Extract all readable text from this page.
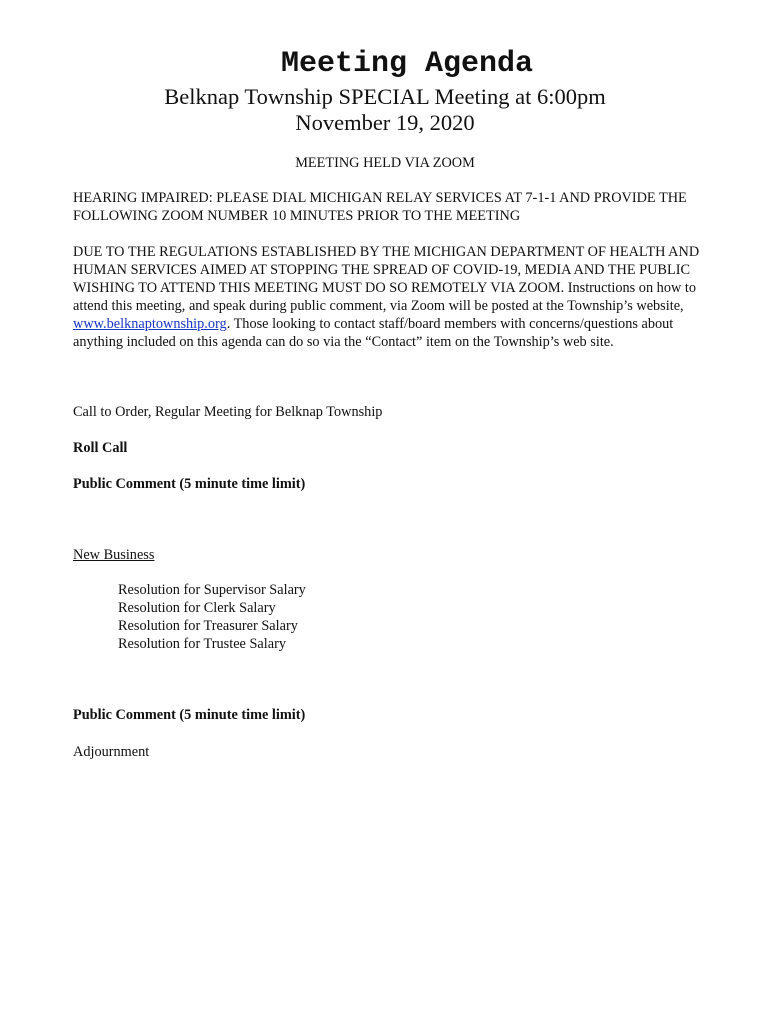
Meeting Agenda
Belknap Township SPECIAL Meeting at 6:00pm
November 19, 2020
MEETING HELD VIA ZOOM
HEARING IMPAIRED: PLEASE DIAL MICHIGAN RELAY SERVICES AT 7-1-1 AND PROVIDE THE FOLLOWING ZOOM NUMBER 10 MINUTES PRIOR TO THE MEETING
DUE TO THE REGULATIONS ESTABLISHED BY THE MICHIGAN DEPARTMENT OF HEALTH AND HUMAN SERVICES AIMED AT STOPPING THE SPREAD OF COVID-19, MEDIA AND THE PUBLIC WISHING TO ATTEND THIS MEETING MUST DO SO REMOTELY VIA ZOOM. Instructions on how to attend this meeting, and speak during public comment, via Zoom will be posted at the Township’s website, www.belknaptownship.org. Those looking to contact staff/board members with concerns/questions about anything included on this agenda can do so via the “Contact” item on the Township’s web site.
Call to Order, Regular Meeting for Belknap Township
Roll Call
Public Comment (5 minute time limit)
New Business
Resolution for Supervisor Salary
Resolution for Clerk Salary
Resolution for Treasurer Salary
Resolution for Trustee Salary
Public Comment (5 minute time limit)
Adjournment
